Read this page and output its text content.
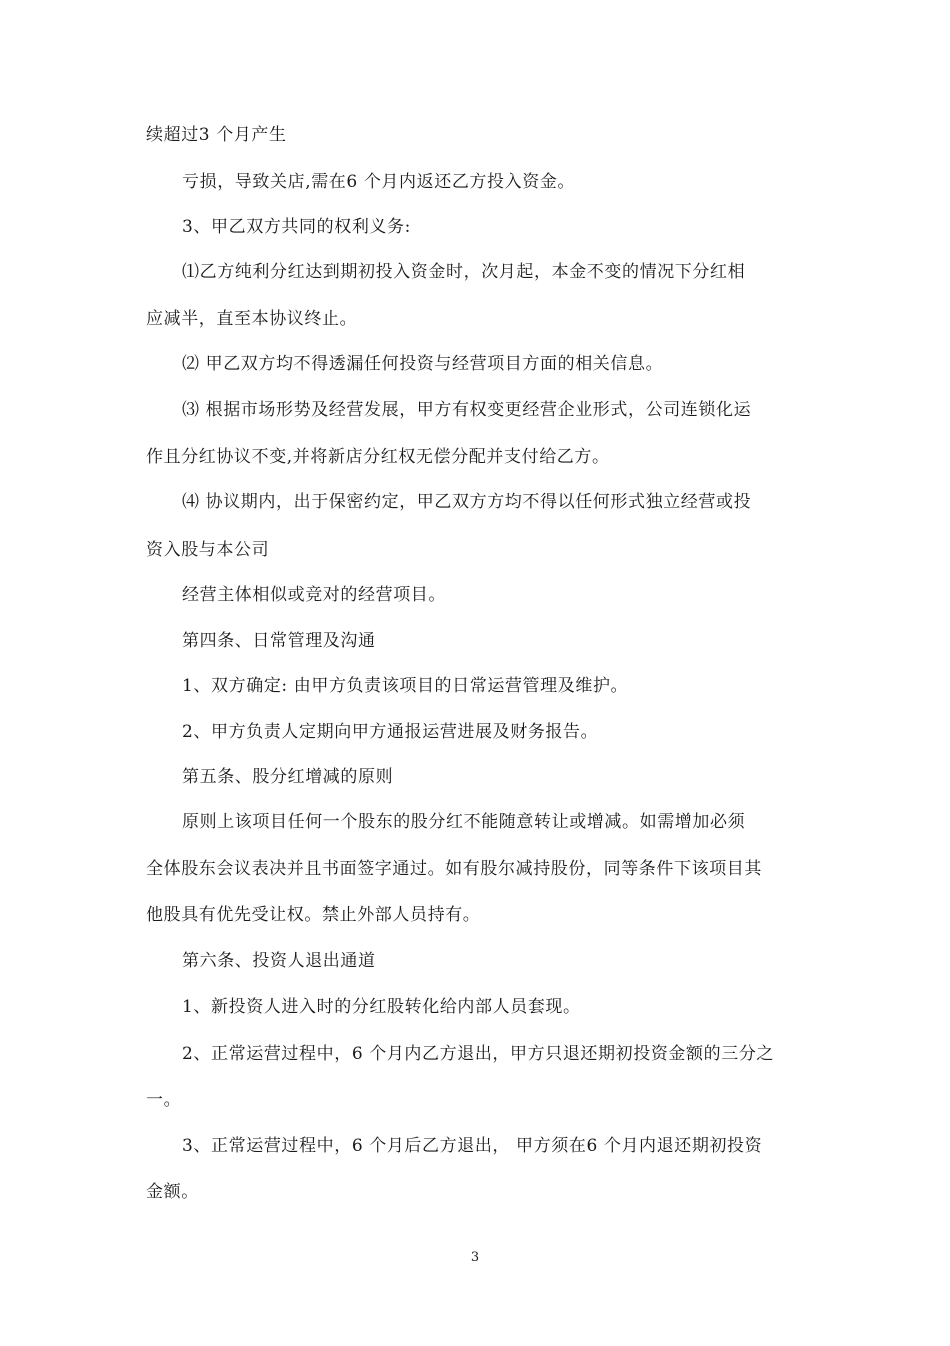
续超过3 个月产生
亏损，导致关店,需在6 个月内返还乙方投入资金。
3、甲乙双方共同的权利义务:
⑴乙方纯利分红达到期初投入资金时，次月起，本金不变的情况下分红相
应减半，直至本协议终止。
⑵ 甲乙双方均不得透漏任何投资与经营项目方面的相关信息。
⑶ 根据市场形势及经营发展，甲方有权变更经营企业形式，公司连锁化运
作且分红协议不变,并将新店分红权无偿分配并支付给乙方。
⑷ 协议期内，出于保密约定，甲乙双方方均不得以任何形式独立经营或投
资入股与本公司
经营主体相似或竞对的经营项目。
第四条、日常管理及沟通
1、双方确定: 由甲方负责该项目的日常运营管理及维护。
2、甲方负责人定期向甲方通报运营进展及财务报告。
第五条、股分红增减的原则
原则上该项目任何一个股东的股分红不能随意转让或增减。如需增加必须
全体股东会议表决并且书面签字通过。如有股尔减持股份，同等条件下该项目其
他股具有优先受让权。禁止外部人员持有。
第六条、投资人退出通道
1、新投资人进入时的分红股转化给内部人员套现。
2、正常运营过程中，6 个月内乙方退出，甲方只退还期初投资金额的三分之
一。
3、正常运营过程中，6 个月后乙方退出， 甲方须在6 个月内退还期初投资
金额。
3
